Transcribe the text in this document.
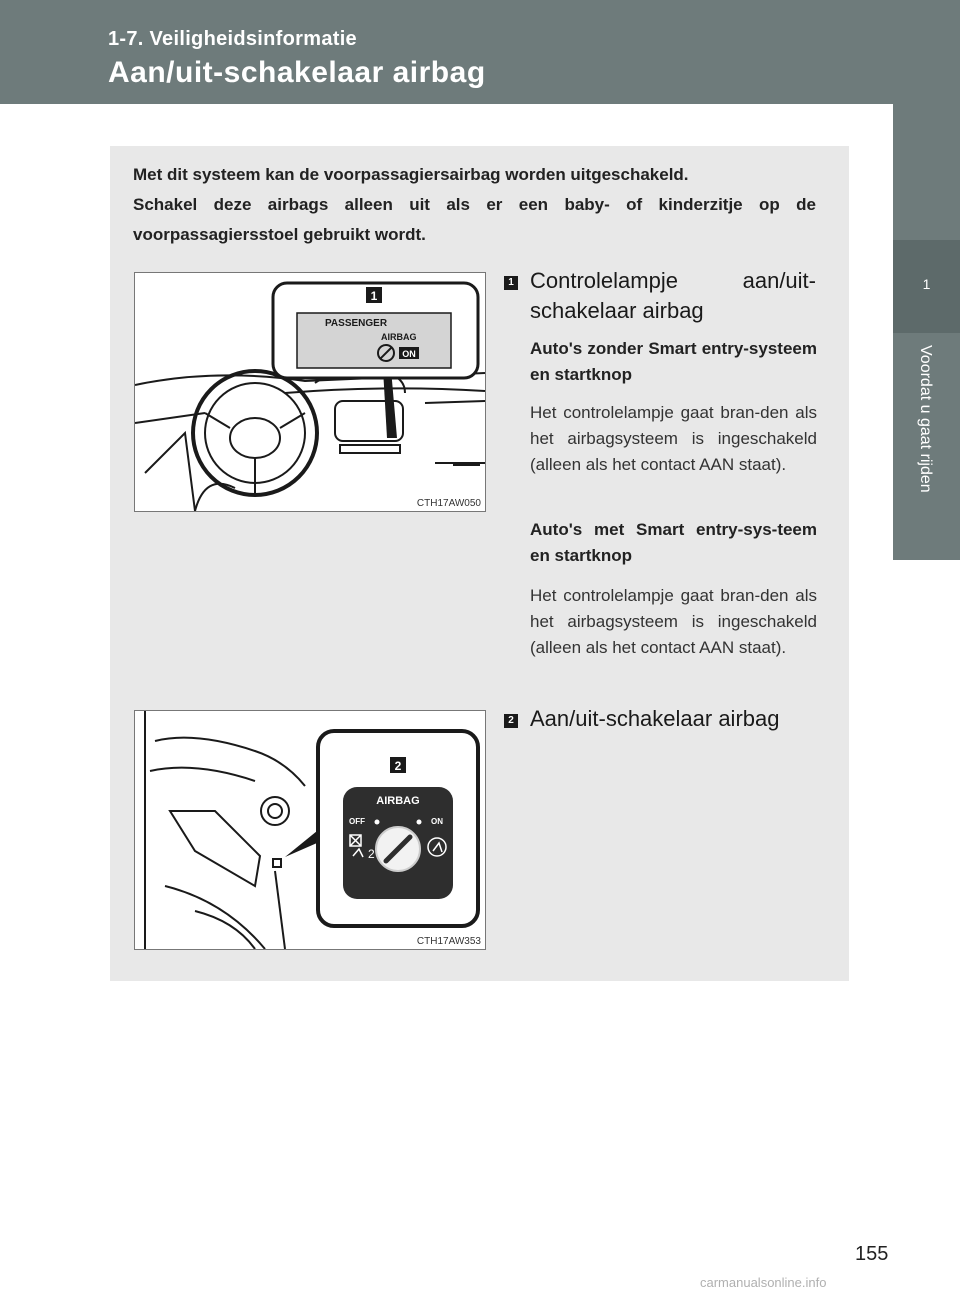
1-7. Veiligheidsinformatie
Aan/uit-schakelaar airbag
1
Voordat u gaat rijden

Met dit systeem kan de voorpassagiersairbag worden uitgeschakeld.

Schakel deze airbags alleen uit als er een baby- of kinderzitje op de voorpassagiersstoel gebruikt wordt.

1
PASSENGER
AIRBAG
ON
CTH17AW050
2
AIRBAG
OFF	ON
2
CTH17AW353
1 Controlelampje aan/uit-schakelaar airbag
Auto's zonder Smart entry-systeem en startknop
Het controlelampje gaat bran-den als het airbagsysteem is ingeschakeld (alleen als het contact AAN staat).
Auto's met Smart entry-sys-teem en startknop
Het controlelampje gaat bran-den als het airbagsysteem is ingeschakeld (alleen als het contact AAN staat).
2 Aan/uit-schakelaar airbag
155
carmanualsonline.info
